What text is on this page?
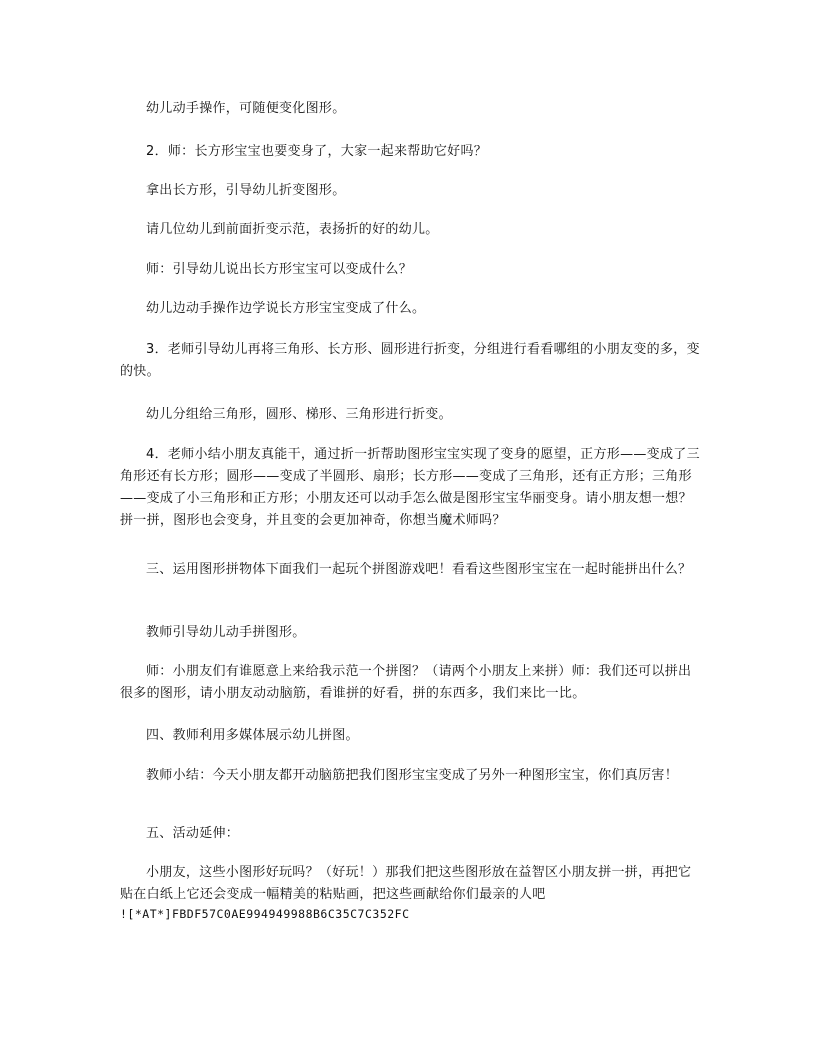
幼儿动手操作，可随便变化图形。

2．师：长方形宝宝也要变身了，大家一起来帮助它好吗？

拿出长方形，引导幼儿折变图形。

请几位幼儿到前面折变示范，表扬折的好的幼儿。

师：引导幼儿说出长方形宝宝可以变成什么？

幼儿边动手操作边学说长方形宝宝变成了什么。

3．老师引导幼儿再将三角形、长方形、圆形进行折变，分组进行看看哪组的小朋友变的多，变的快。

幼儿分组给三角形，圆形、梯形、三角形进行折变。

4．老师小结小朋友真能干，通过折一折帮助图形宝宝实现了变身的愿望，正方形——变成了三角形还有长方形；圆形——变成了半圆形、扇形；长方形——变成了三角形，还有正方形；三角形——变成了小三角形和正方形；小朋友还可以动手怎么做是图形宝宝华丽变身。请小朋友想一想？拼一拼，图形也会变身，并且变的会更加神奇，你想当魔术师吗？

三、运用图形拼物体下面我们一起玩个拼图游戏吧！看看这些图形宝宝在一起时能拼出什么？

教师引导幼儿动手拼图形。

师：小朋友们有谁愿意上来给我示范一个拼图？（请两个小朋友上来拼）师：我们还可以拼出很多的图形，请小朋友动动脑筋，看谁拼的好看，拼的东西多，我们来比一比。

四、教师利用多媒体展示幼儿拼图。

教师小结：今天小朋友都开动脑筋把我们图形宝宝变成了另外一种图形宝宝，你们真厉害！

五、活动延伸：

小朋友，这些小图形好玩吗？（好玩！）那我们把这些图形放在益智区小朋友拼一拼，再把它贴在白纸上它还会变成一幅精美的粘贴画，把这些画献给你们最亲的人吧

![*AT*]FBDF57C0AE994949988B6C35C7C352FC
